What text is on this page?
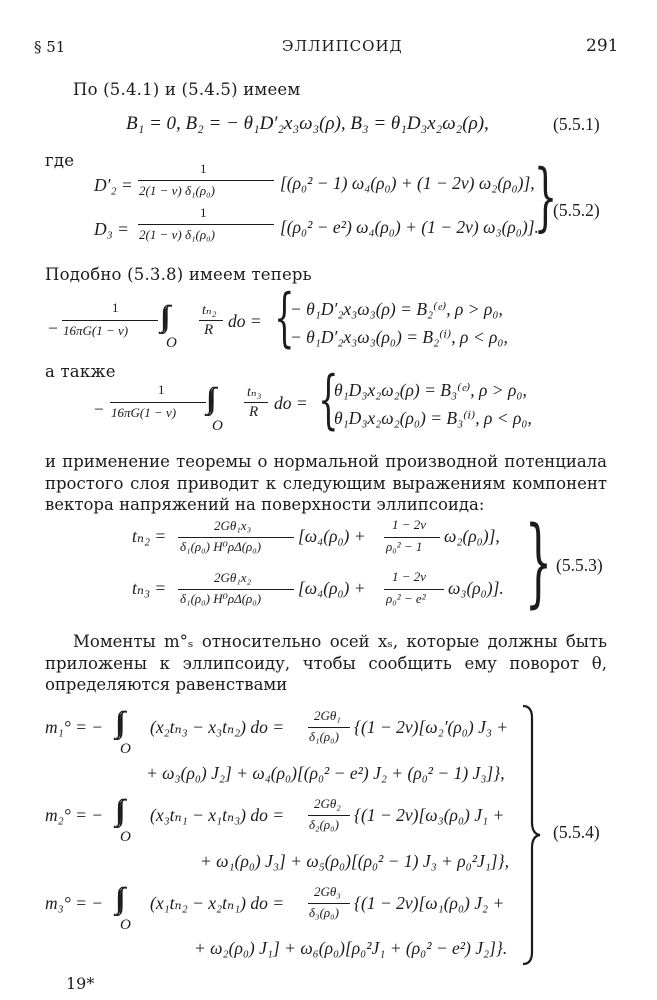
§ 51	ЭЛЛИПСОИД	291
По (5.4.1) и (5.4.5) имеем
B₁ = 0, B₂ = − θ₁D′₂x₃ω₃(ρ), B₃ = θ₁D₃x₂ω₂(ρ),	(5.5.1)
где
D′₂ =
1
2(1 − ν) δ₁(ρ₀)	[(ρ₀² − 1) ω₄(ρ₀) + (1 − 2ν) ω₂(ρ₀)],
D₃ =
1
2(1 − ν) δ₁(ρ₀)	[(ρ₀² − e²) ω₄(ρ₀) + (1 − 2ν) ω₃(ρ₀)].
}
(5.5.2)
Подобно (5.3.8) имеем теперь
−
1
16πG(1 − ν) ∫∫
O
tₙ₂
R do = {
− θ₁D′₂x₃ω₃(ρ) = B₂⁽ᵉ⁾, ρ > ρ₀,
− θ₁D′₂x₃ω₃(ρ₀) = B₂⁽ⁱ⁾, ρ < ρ₀,
а также
−
1
16πG(1 − ν) ∫∫
O
tₙ₃
R do = {
θ₁D₃x₂ω₂(ρ) = B₃⁽ᵉ⁾, ρ > ρ₀,
θ₁D₃x₂ω₂(ρ₀) = B₃⁽ⁱ⁾, ρ < ρ₀,
и применение теоремы о нормальной производной потенциала простого слоя приводит к следующим выражениям компонент вектора напряжений на поверхности эллипсоида:
tₙ₂ =
2Gθ₁x₃
δ₁(ρ₀) H⁰ρΔ(ρ₀)
[ω₄(ρ₀) +
1 − 2ν
ρ₀² − 1
ω₂(ρ₀)],
tₙ₃ =
2Gθ₁x₂
δ₁(ρ₀) H⁰ρΔ(ρ₀)
[ω₄(ρ₀) +
1 − 2ν
ρ₀² − e²
ω₃(ρ₀)]. } (5.5.3)
Моменты m°ₛ относительно осей xₛ, которые должны быть приложены к эллипсоиду, чтобы сообщить ему поворот θ, определяются равенствами
m₁° = − ∫∫
O
(x₂tₙ₃ − x₃tₙ₂) do =
2Gθ₁
δ₁(ρ₀) {(1 − 2ν)[ω₂′(ρ₀) J₃ +
+ ω₃(ρ₀) J₂] + ω₄(ρ₀)[(ρ₀² − e²) J₂ + (ρ₀² − 1) J₃]},
m₂° = − ∫∫
O
(x₃tₙ₁ − x₁tₙ₃) do =
2Gθ₂
δ₂(ρ₀) {(1 − 2ν)[ω₃(ρ₀) J₁ +
+ ω₁(ρ₀) J₃] + ω₅(ρ₀)[(ρ₀² − 1) J₃ + ρ₀²J₁]},
m₃° = − ∫∫
O
(x₁tₙ₂ − x₂tₙ₁) do =
2Gθ₃
δ₃(ρ₀) {(1 − 2ν)[ω₁(ρ₀) J₂ +
+ ω₂(ρ₀) J₁] + ω₆(ρ₀)[ρ₀²J₁ + (ρ₀² − e²) J₂]}.
(5.5.4)
19*
